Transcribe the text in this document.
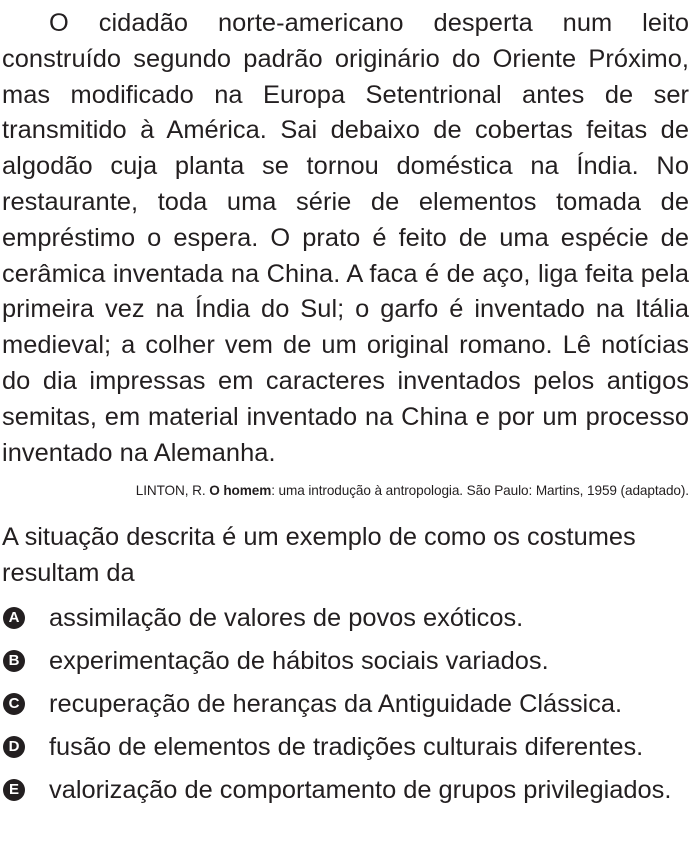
O cidadão norte-americano desperta num leito construído segundo padrão originário do Oriente Próximo, mas modificado na Europa Setentrional antes de ser transmitido à América. Sai debaixo de cobertas feitas de algodão cuja planta se tornou doméstica na Índia. No restaurante, toda uma série de elementos tomada de empréstimo o espera. O prato é feito de uma espécie de cerâmica inventada na China. A faca é de aço, liga feita pela primeira vez na Índia do Sul; o garfo é inventado na Itália medieval; a colher vem de um original romano. Lê notícias do dia impressas em caracteres inventados pelos antigos semitas, em material inventado na China e por um processo inventado na Alemanha.

LINTON, R. O homem: uma introdução à antropologia. São Paulo: Martins, 1959 (adaptado).

A situação descrita é um exemplo de como os costumes resultam da

A assimilação de valores de povos exóticos.
B experimentação de hábitos sociais variados.
C recuperação de heranças da Antiguidade Clássica.
D fusão de elementos de tradições culturais diferentes.
E valorização de comportamento de grupos privilegiados.
